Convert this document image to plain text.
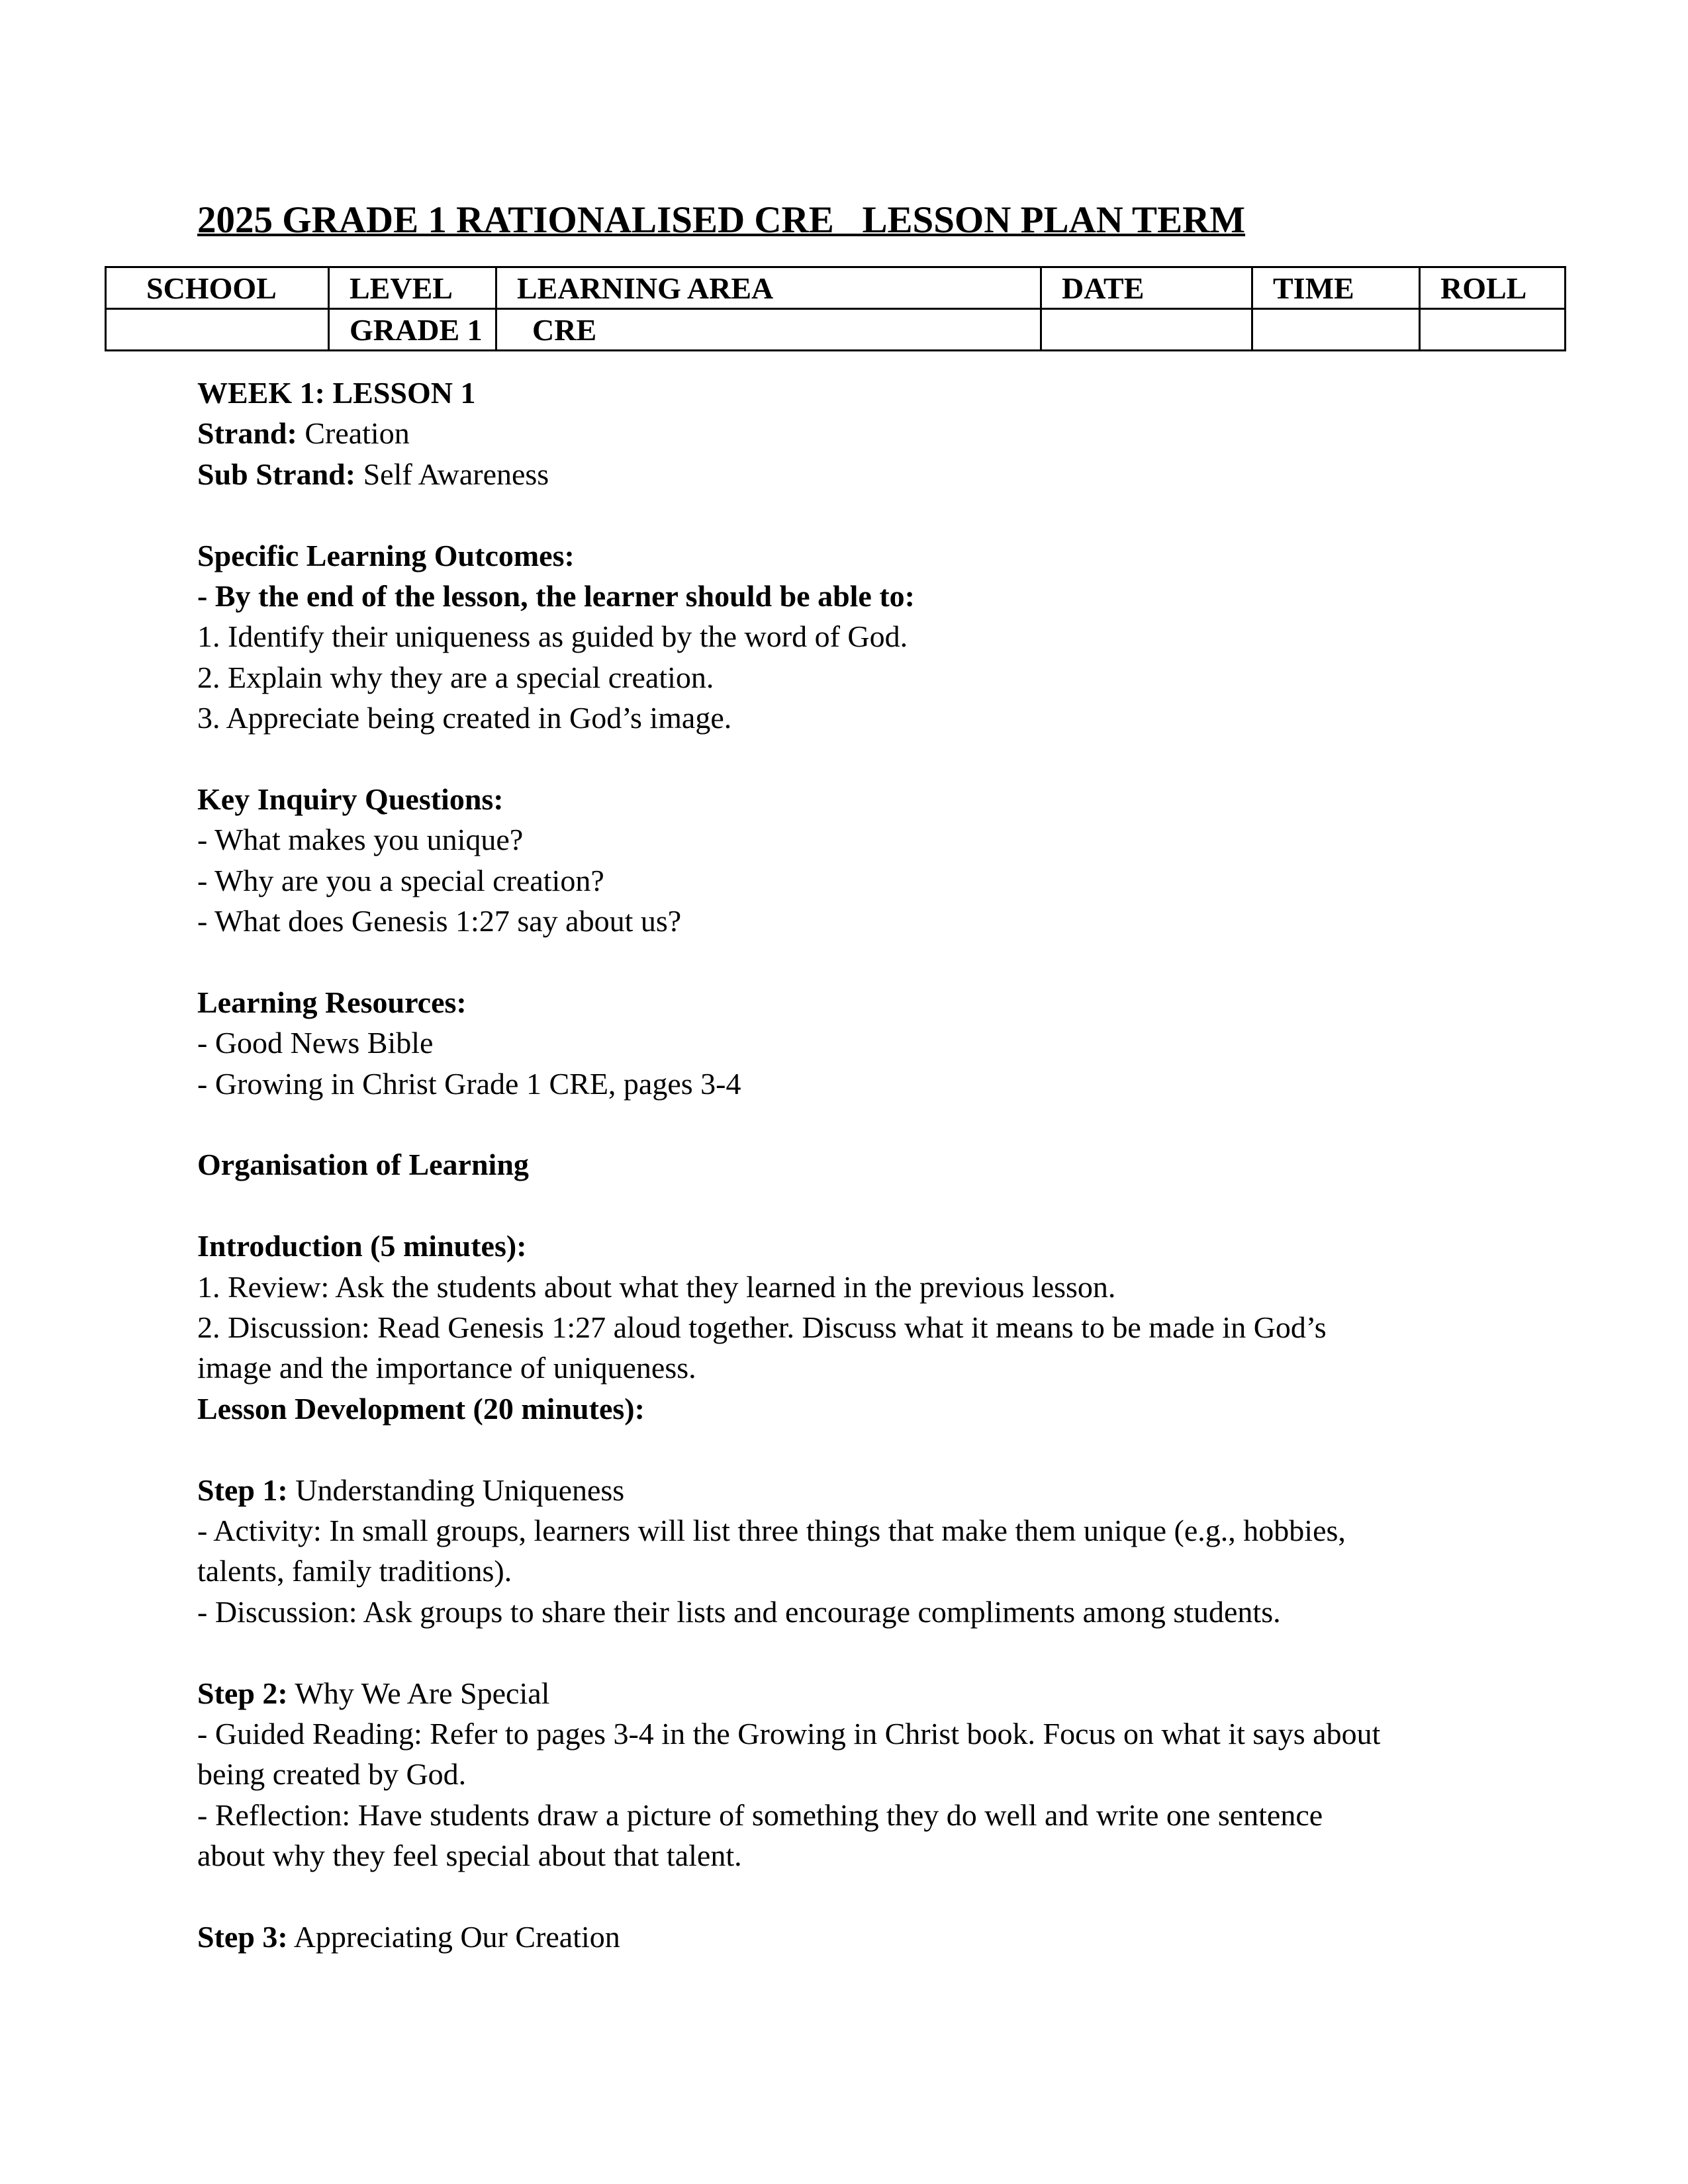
2025 GRADE 1 RATIONALISED CRE   LESSON PLAN TERM
SCHOOL	LEVEL	LEARNING AREA	DATE	TIME	ROLL
	GRADE 1	CRE			
WEEK 1: LESSON 1
Strand: Creation
Sub Strand: Self Awareness
Specific Learning Outcomes:
- By the end of the lesson, the learner should be able to:
1. Identify their uniqueness as guided by the word of God.
2. Explain why they are a special creation.
3. Appreciate being created in God’s image.
Key Inquiry Questions:
- What makes you unique?
- Why are you a special creation?
- What does Genesis 1:27 say about us?
Learning Resources:
- Good News Bible
- Growing in Christ Grade 1 CRE, pages 3-4
Organisation of Learning
Introduction (5 minutes):
1. Review: Ask the students about what they learned in the previous lesson.
2. Discussion: Read Genesis 1:27 aloud together. Discuss what it means to be made in God’s
image and the importance of uniqueness.
Lesson Development (20 minutes):
Step 1: Understanding Uniqueness
- Activity: In small groups, learners will list three things that make them unique (e.g., hobbies,
talents, family traditions).
- Discussion: Ask groups to share their lists and encourage compliments among students.
Step 2: Why We Are Special
- Guided Reading: Refer to pages 3-4 in the Growing in Christ book. Focus on what it says about
being created by God.
- Reflection: Have students draw a picture of something they do well and write one sentence
about why they feel special about that talent.
Step 3: Appreciating Our Creation
